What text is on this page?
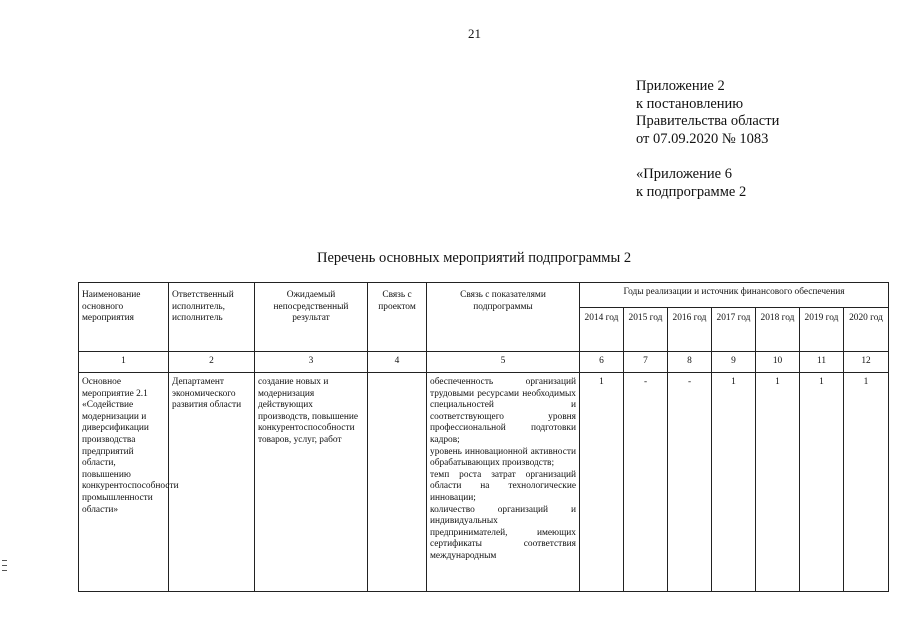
21
Приложение 2
к постановлению
Правительства области
от 07.09.2020 № 1083
«Приложение 6
к подпрограмме 2
Перечень основных мероприятий подпрограммы 2
Наименование основного мероприятия	Ответственный исполнитель, исполнитель	Ожидаемый непосредственный результат	Связь с проектом	Связь с показателями подпрограммы	Годы реализации и источник финансового обеспечения						
					2014 год	2015 год	2016 год	2017 год	2018 год	2019 год	2020 год
1	2	3	4	5	6	7	8	9	10	11	12
Основное мероприятие 2.1 «Содействие модернизации и диверсификации производства предприятий области, повышению конкурентоспособности промышленности области»	Департамент экономического развития области	создание новых и модернизация действующих производств, повышение конкурентоспособности товаров, услуг, работ		обеспеченность организаций трудовыми ресурсами необходимых специальностей и соответствующего уровня профессиональной подготовки кадров;
уровень инновационной активности обрабатывающих производств;
темп роста затрат организаций области на технологические инновации;
количество организаций и индивидуальных предпринимателей, имеющих сертификаты соответствия международным	1	-	-	1	1	1	1
